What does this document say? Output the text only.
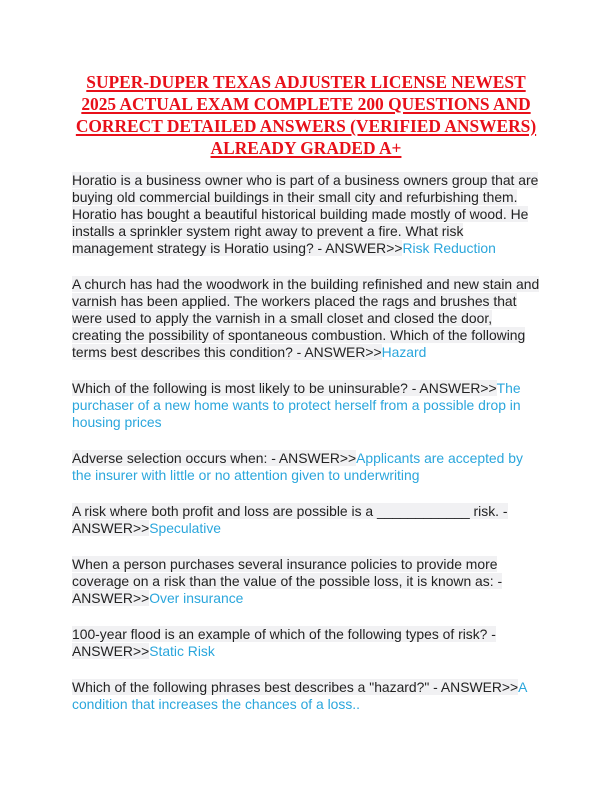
SUPER-DUPER TEXAS ADJUSTER LICENSE NEWEST 2025 ACTUAL EXAM COMPLETE 200 QUESTIONS AND CORRECT DETAILED ANSWERS (VERIFIED ANSWERS) ALREADY GRADED A+

Horatio is a business owner who is part of a business owners group that are buying old commercial buildings in their small city and refurbishing them. Horatio has bought a beautiful historical building made mostly of wood. He installs a sprinkler system right away to prevent a fire. What risk management strategy is Horatio using? - ANSWER>>Risk Reduction

A church has had the woodwork in the building refinished and new stain and varnish has been applied. The workers placed the rags and brushes that were used to apply the varnish in a small closet and closed the door, creating the possibility of spontaneous combustion. Which of the following terms best describes this condition? - ANSWER>>Hazard

Which of the following is most likely to be uninsurable? - ANSWER>>The purchaser of a new home wants to protect herself from a possible drop in housing prices

Adverse selection occurs when: - ANSWER>>Applicants are accepted by the insurer with little or no attention given to underwriting

A risk where both profit and loss are possible is a ____________ risk. - ANSWER>>Speculative

When a person purchases several insurance policies to provide more coverage on a risk than the value of the possible loss, it is known as: - ANSWER>>Over insurance

100-year flood is an example of which of the following types of risk? - ANSWER>>Static Risk

Which of the following phrases best describes a "hazard?" - ANSWER>>A condition that increases the chances of a loss..
